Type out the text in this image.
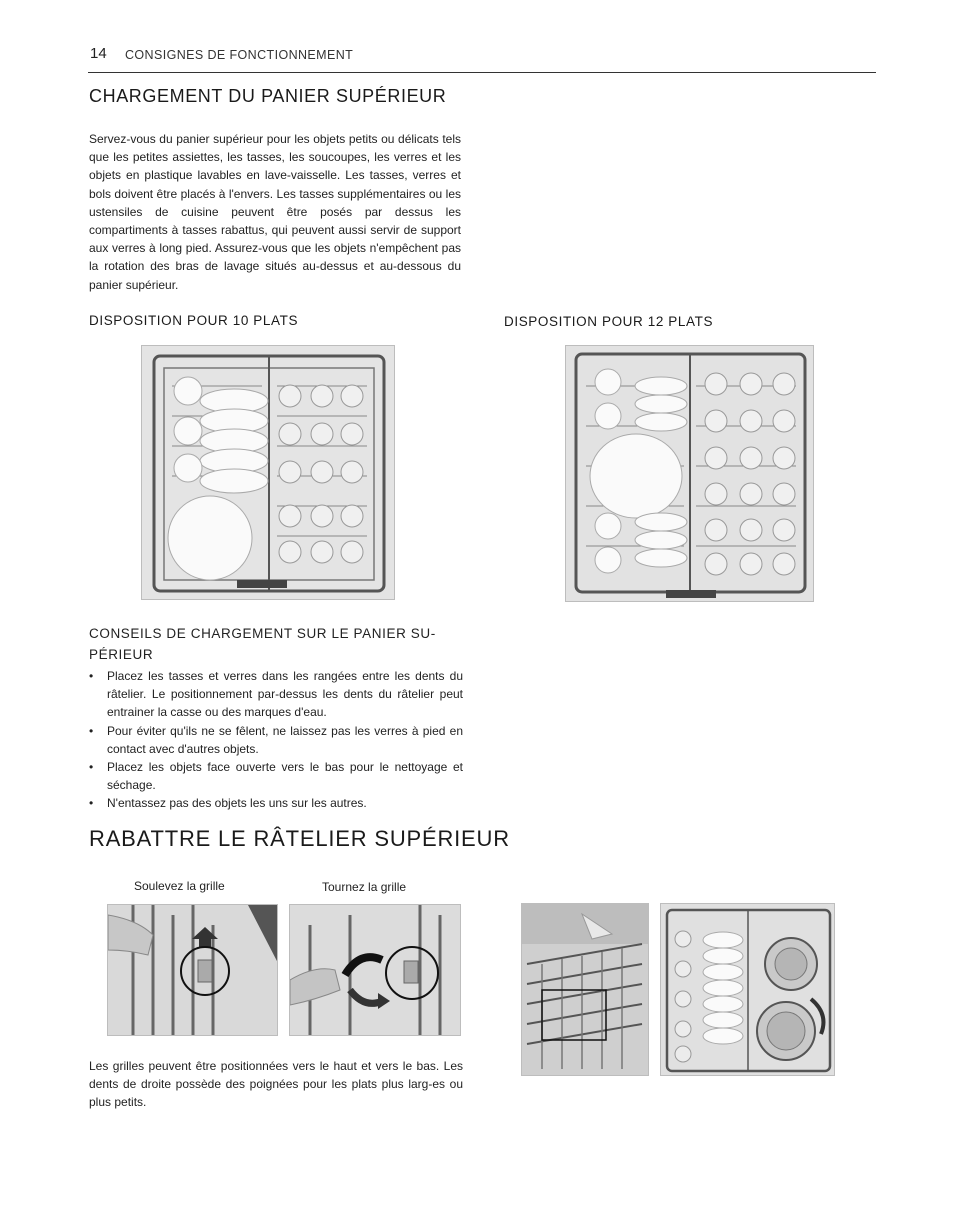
14 CONSIGNES DE FONCTIONNEMENT
CHARGEMENT DU PANIER SUPÉRIEUR
Servez-vous du panier supérieur pour les objets petits ou délicats tels que les petites assiettes, les tasses, les soucoupes, les verres et les objets en plastique lavables en lave-vaisselle. Les tasses, verres et bols doivent être placés à l'envers. Les tasses supplémentaires ou les ustensiles de cuisine peuvent être posés par dessus les compartiments à tasses rabattus, qui peuvent aussi servir de support aux verres à long pied. Assurez-vous que les objets n'empêchent pas la rotation des bras de lavage situés au-dessus et au-dessous du panier supérieur.
DISPOSITION POUR 10 PLATS	DISPOSITION POUR 12 PLATS
CONSEILS DE CHARGEMENT SUR LE PANIER SU-PÉRIEUR
• Placez les tasses et verres dans les rangées entre les dents du râtelier. Le positionnement par-dessus les dents du râtelier peut entrainer la casse ou des marques d'eau.
• Pour éviter qu'ils ne se fêlent, ne laissez pas les verres à pied en contact avec d'autres objets.
• Placez les objets face ouverte vers le bas pour le nettoyage et séchage.
• N'entassez pas des objets les uns sur les autres.
RABATTRE LE RÂTELIER SUPÉRIEUR
Soulevez la grille	Tournez la grille
Les grilles peuvent être positionnées vers le haut et vers le bas. Les dents de droite possède des poignées pour les plats plus larg-es ou plus petits.
